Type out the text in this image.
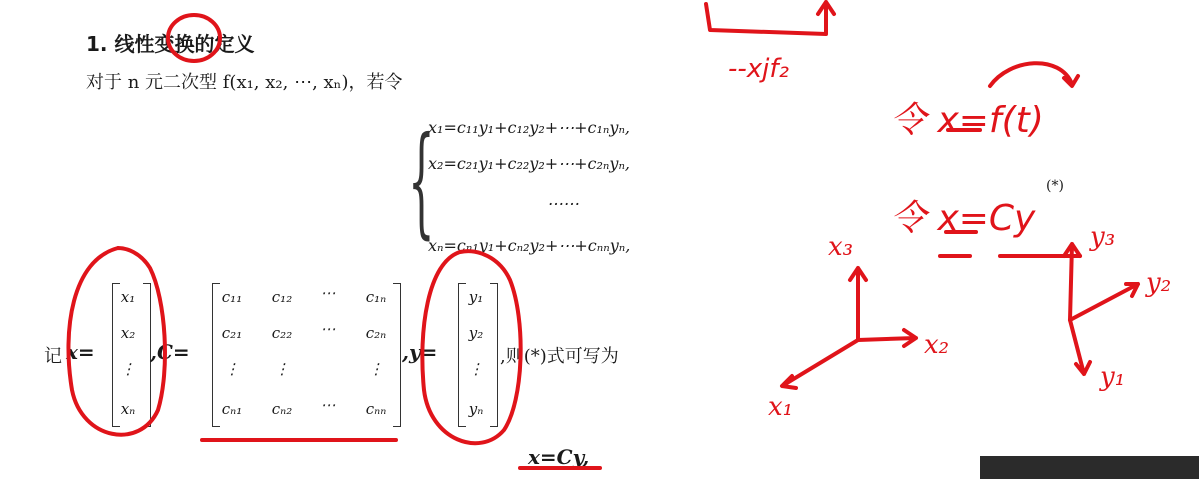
1. 线性变换的定义
对于 n 元二次型 f(x₁, x₂, ⋯, xₙ)，若令
{
x₁=c₁₁y₁+c₁₂y₂+⋯+c₁ₙyₙ,
x₂=c₂₁y₁+c₂₂y₂+⋯+c₂ₙyₙ,
……
xₙ=cₙ₁y₁+cₙ₂y₂+⋯+cₙₙyₙ,
记 x=
x₁
x₂
⋮
xₙ
,C=
c₁₁	c₁₂	⋯	c₁ₙ
c₂₁	c₂₂	⋯	c₂ₙ
⋮	⋮	⋮
cₙ₁	cₙ₂	⋯	cₙₙ
,y=
y₁
y₂
⋮
yₙ
,则(*)式可写为
x=Cy,
--xjf₂
令 x=f(t)
令 x=Cy
(*)
x₃
x₂
x₁
y₃
y₂
y₁
